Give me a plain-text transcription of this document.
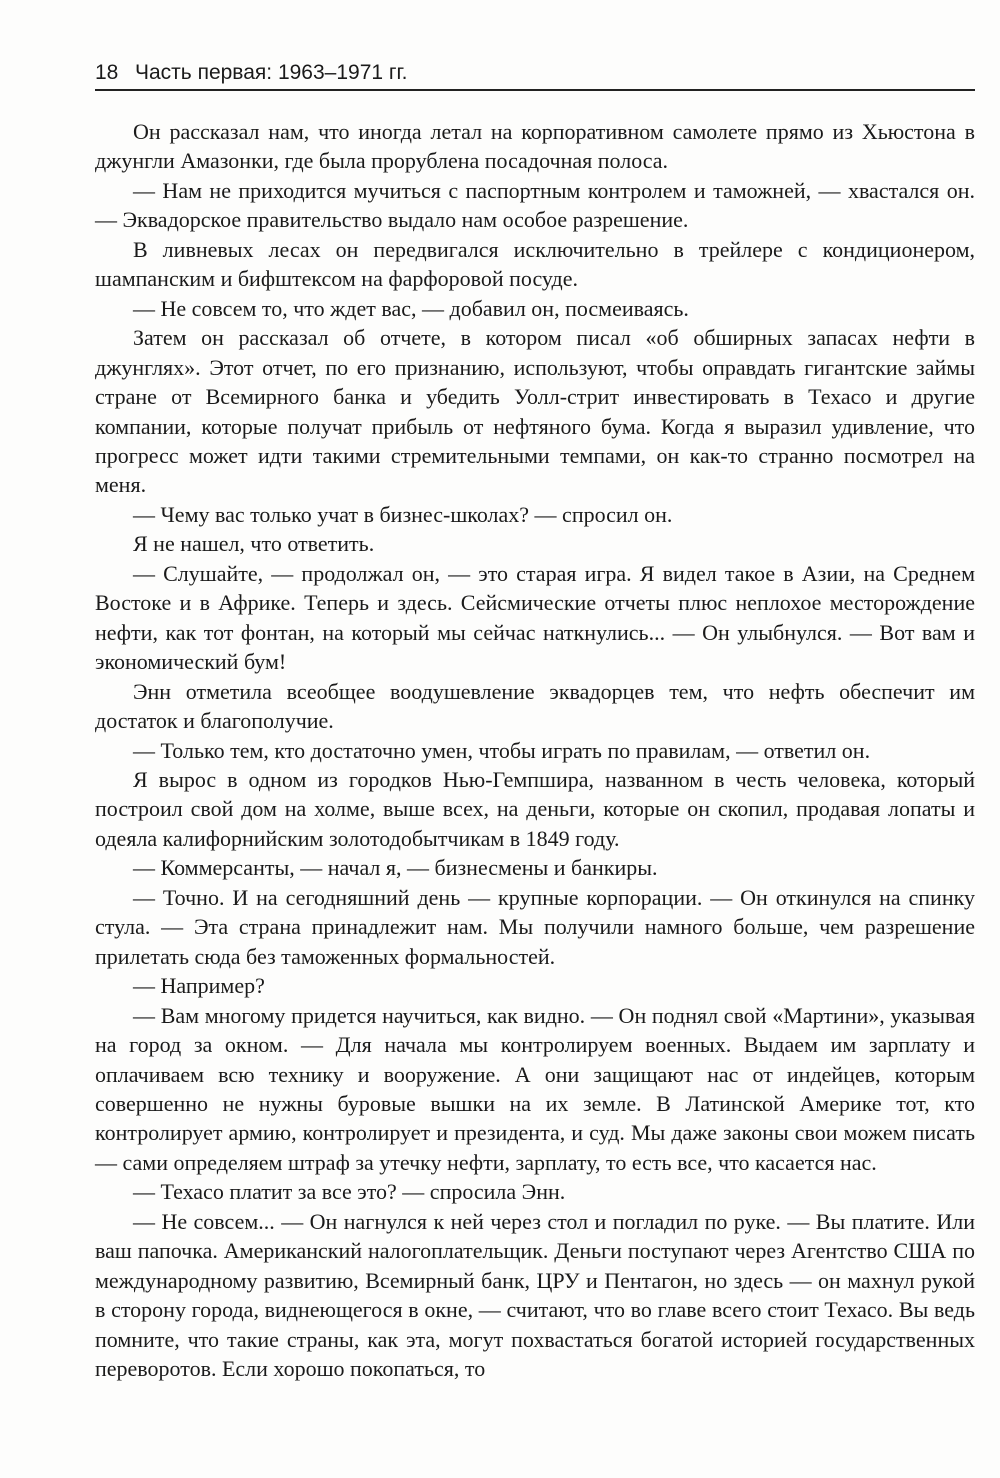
18 Часть первая: 1963–1971 гг.

Он рассказал нам, что иногда летал на корпоративном самолете прямо из Хьюстона в джунгли Амазонки, где была прорублена посадочная полоса.

— Нам не приходится мучиться с паспортным контролем и таможней, — хвастался он. — Эквадорское правительство выдало нам особое разрешение.

В ливневых лесах он передвигался исключительно в трейлере с кондиционером, шампанским и бифштексом на фарфоровой посуде.

— Не совсем то, что ждет вас, — добавил он, посмеиваясь.

Затем он рассказал об отчете, в котором писал «об обширных запасах нефти в джунглях». Этот отчет, по его признанию, используют, чтобы оправдать гигантские займы стране от Всемирного банка и убедить Уолл-стрит инвестировать в Техасо и другие компании, которые получат прибыль от нефтяного бума. Когда я выразил удивление, что прогресс может идти такими стремительными темпами, он как-то странно посмотрел на меня.

— Чему вас только учат в бизнес-школах? — спросил он.

Я не нашел, что ответить.

— Слушайте, — продолжал он, — это старая игра. Я видел такое в Азии, на Среднем Востоке и в Африке. Теперь и здесь. Сейсмические отчеты плюс неплохое месторождение нефти, как тот фонтан, на который мы сейчас наткнулись... — Он улыбнулся. — Вот вам и экономический бум!

Энн отметила всеобщее воодушевление эквадорцев тем, что нефть обеспечит им достаток и благополучие.

— Только тем, кто достаточно умен, чтобы играть по правилам, — ответил он.

Я вырос в одном из городков Нью-Гемпшира, названном в честь человека, который построил свой дом на холме, выше всех, на деньги, которые он скопил, продавая лопаты и одеяла калифорнийским золотодобытчикам в 1849 году.

— Коммерсанты, — начал я, — бизнесмены и банкиры.

— Точно. И на сегодняшний день — крупные корпорации. — Он откинулся на спинку стула. — Эта страна принадлежит нам. Мы получили намного больше, чем разрешение прилетать сюда без таможенных формальностей.

— Например?

— Вам многому придется научиться, как видно. — Он поднял свой «Мартини», указывая на город за окном. — Для начала мы контролируем военных. Выдаем им зарплату и оплачиваем всю технику и вооружение. А они защищают нас от индейцев, которым совершенно не нужны буровые вышки на их земле. В Латинской Америке тот, кто контролирует армию, контролирует и президента, и суд. Мы даже законы свои можем писать — сами определяем штраф за утечку нефти, зарплату, то есть все, что касается нас.

— Техасо платит за все это? — спросила Энн.

— Не совсем... — Он нагнулся к ней через стол и погладил по руке. — Вы платите. Или ваш папочка. Американский налогоплательщик. Деньги поступают через Агентство США по международному развитию, Всемирный банк, ЦРУ и Пентагон, но здесь — он махнул рукой в сторону города, виднеющегося в окне, — считают, что во главе всего стоит Техасо. Вы ведь помните, что такие страны, как эта, могут похвастаться богатой историей государственных переворотов. Если хорошо покопаться, то
